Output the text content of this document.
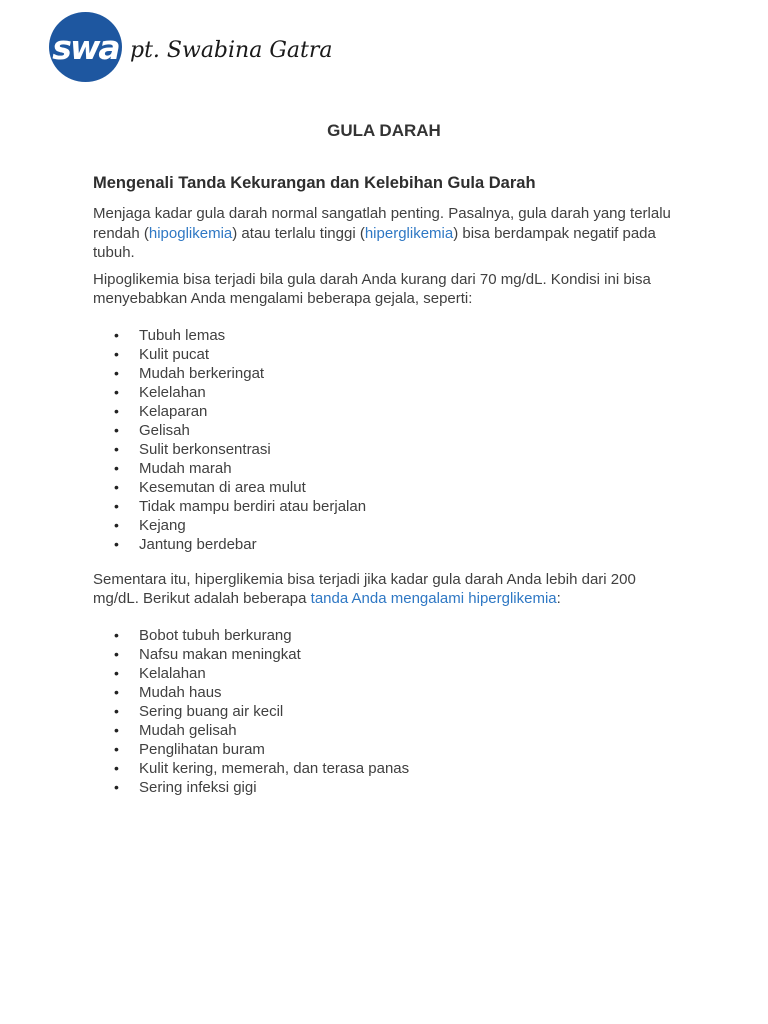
swa pt. Swabina Gatra
GULA DARAH
Mengenali Tanda Kekurangan dan Kelebihan Gula Darah

Menjaga kadar gula darah normal sangatlah penting. Pasalnya, gula darah yang terlalu rendah (hipoglikemia) atau terlalu tinggi (hiperglikemia) bisa berdampak negatif pada tubuh.

Hipoglikemia bisa terjadi bila gula darah Anda kurang dari 70 mg/dL. Kondisi ini bisa menyebabkan Anda mengalami beberapa gejala, seperti:

• Tubuh lemas
• Kulit pucat
• Mudah berkeringat
• Kelelahan
• Kelaparan
• Gelisah
• Sulit berkonsentrasi
• Mudah marah
• Kesemutan di area mulut
• Tidak mampu berdiri atau berjalan
• Kejang
• Jantung berdebar

Sementara itu, hiperglikemia bisa terjadi jika kadar gula darah Anda lebih dari 200 mg/dL. Berikut adalah beberapa tanda Anda mengalami hiperglikemia:

• Bobot tubuh berkurang
• Nafsu makan meningkat
• Kelalahan
• Mudah haus
• Sering buang air kecil
• Mudah gelisah
• Penglihatan buram
• Kulit kering, memerah, dan terasa panas
• Sering infeksi gigi
